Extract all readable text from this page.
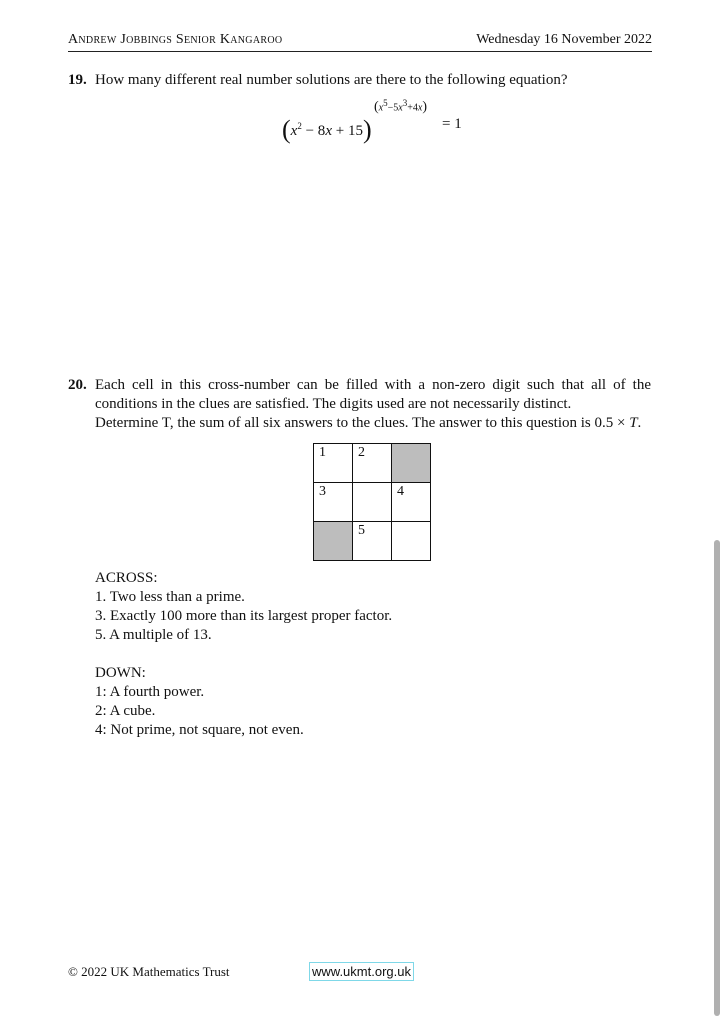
Andrew Jobbings Senior Kangaroo	Wednesday 16 November 2022
19. How many different real number solutions are there to the following equation?
$(x^2 - 8x + 15)$
$(x^5-5x^3+4x)$
= 1
20. Each cell in this cross-number can be filled with a non-zero digit such that all of the
conditions in the clues are satisfied. The digits used are not necessarily distinct.
Determine T, the sum of all six answers to the clues. The answer to this question is 0.5 × T.
1 2
3	4
5
ACROSS:
1. Two less than a prime.
3. Exactly 100 more than its largest proper factor.
5. A multiple of 13.
DOWN:
1: A fourth power.
2: A cube.
4: Not prime, not square, not even.
© 2022 UK Mathematics Trust	www.ukmt.org.uk
